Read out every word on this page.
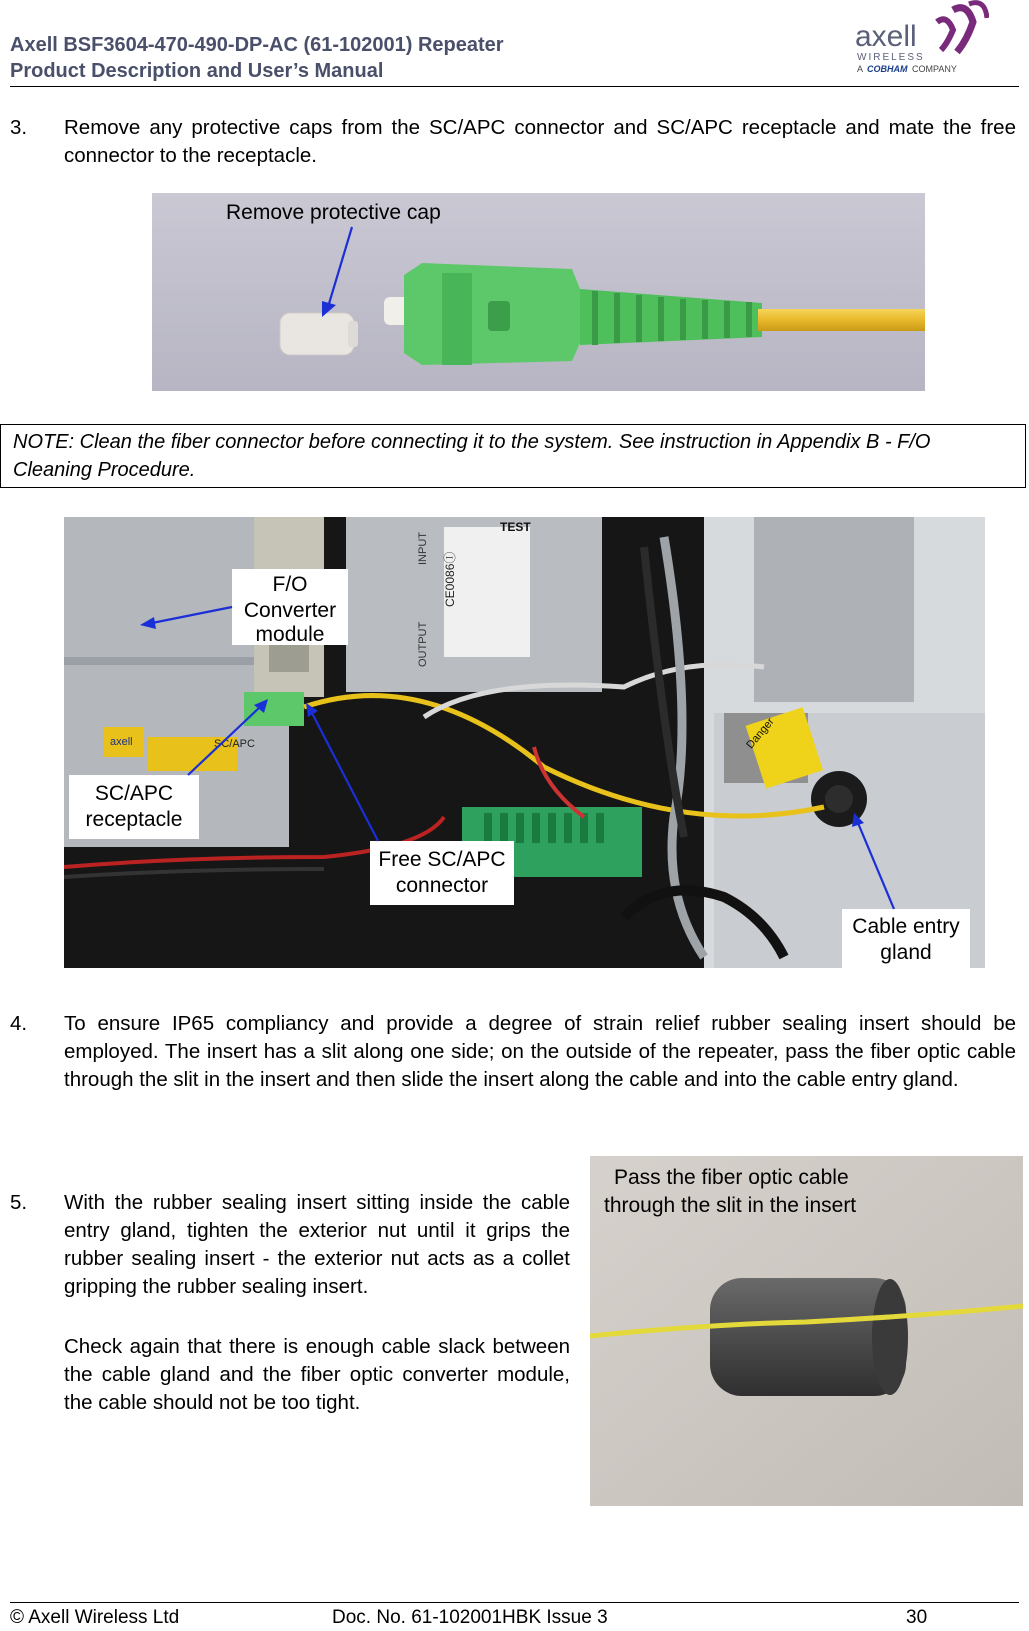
Axell BSF3604-470-490-DP-AC (61-102001) Repeater
Product Description and User’s Manual
axell
WIRELESS
A COBHAM COMPANY
3. Remove any protective caps from the SC/APC connector and SC/APC receptacle and mate the free connector to the receptacle.
Remove protective cap
NOTE: Clean the fiber connector before connecting it to the system. See instruction in Appendix B - F/O Cleaning Procedure.
axell	SC/APC
TEST
OUTPUT
INPUT
CE0086Ⓘ
Danger
F/O
Converter
module
SC/APC
receptacle
Free SC/APC
connector
Cable entry
gland
4. To ensure IP65 compliancy and provide a degree of strain relief rubber sealing insert should be employed. The insert has a slit along one side; on the outside of the repeater, pass the fiber optic cable through the slit in the insert and then slide the insert along the cable and into the cable entry gland.
5. With the rubber sealing insert sitting inside the cable entry gland, tighten the exterior nut until it grips the rubber sealing insert - the exterior nut acts as a collet gripping the rubber sealing insert.
Check again that there is enough cable slack between the cable gland and the fiber optic converter module, the cable should not be too tight.
Pass the fiber optic cable
through the slit in the insert
© Axell Wireless Ltd	Doc. No. 61-102001HBK Issue 3	30
